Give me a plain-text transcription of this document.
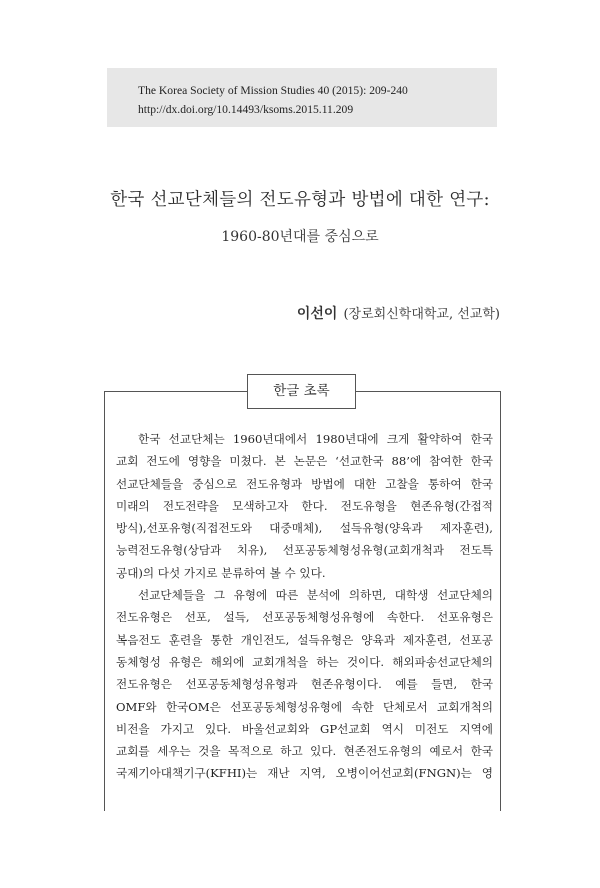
The Korea Society of Mission Studies 40 (2015): 209-240
http://dx.doi.org/10.14493/ksoms.2015.11.209
한국 선교단체들의 전도유형과 방법에 대한 연구:
1960-80년대를 중심으로
이선이 (장로회신학대학교, 선교학)
한글 초록
한국 선교단체는 1960년대에서 1980년대에 크게 활약하여 한국
교회 전도에 영향을 미쳤다. 본 논문은 ‘선교한국 88’에 참여한 한국
선교단체들을 중심으로 전도유형과 방법에 대한 고찰을 통하여 한국
미래의 전도전략을 모색하고자 한다. 전도유형을 현존유형(간접적
방식),선포유형(직접전도와 대중매체), 설득유형(양육과 제자훈련),
능력전도유형(상담과 치유), 선포공동체형성유형(교회개척과 전도특
공대)의 다섯 가지로 분류하여 볼 수 있다.
선교단체들을 그 유형에 따른 분석에 의하면, 대학생 선교단체의
전도유형은 선포, 설득, 선포공동체형성유형에 속한다. 선포유형은
복음전도 훈련을 통한 개인전도, 설득유형은 양육과 제자훈련, 선포공
동체형성 유형은 해외에 교회개척을 하는 것이다. 해외파송선교단체의
전도유형은 선포공동체형성유형과 현존유형이다. 예를 들면, 한국
OMF와 한국OM은 선포공동체형성유형에 속한 단체로서 교회개척의
비전을 가지고 있다. 바울선교회와 GP선교회 역시 미전도 지역에
교회를 세우는 것을 목적으로 하고 있다. 현존전도유형의 예로서 한국
국제기아대책기구(KFHI)는 재난 지역, 오병이어선교회(FNGN)는 영
